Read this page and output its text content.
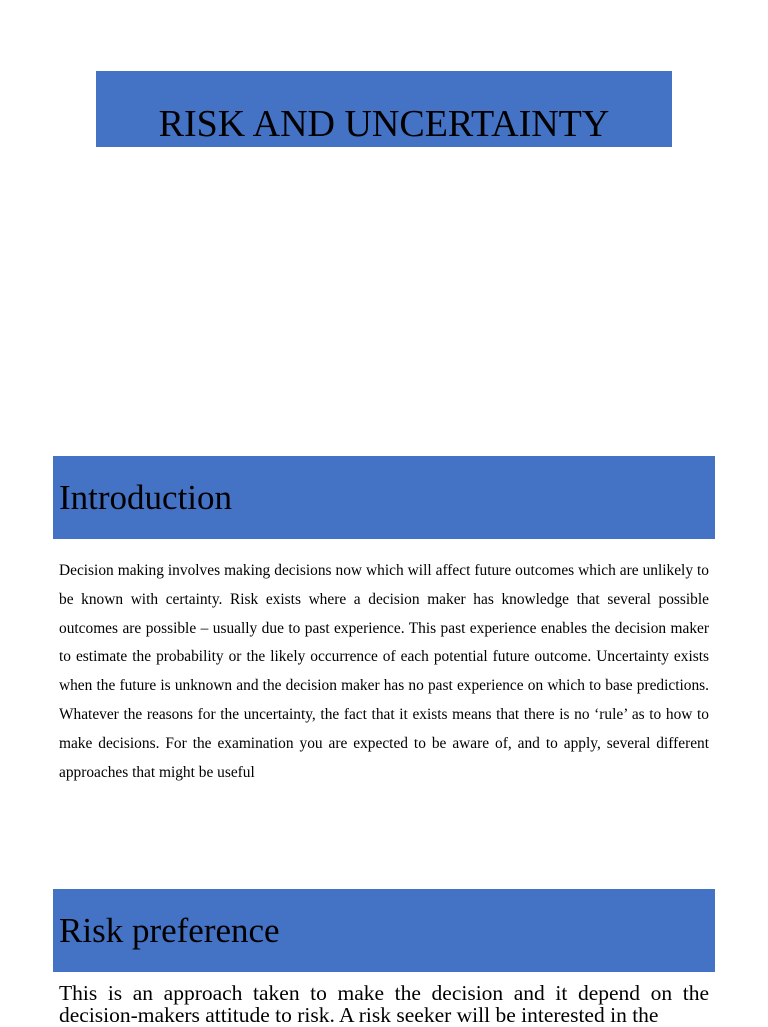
RISK AND UNCERTAINTY
Introduction

Decision making involves making decisions now which will affect future outcomes which are unlikely to be known with certainty. Risk exists where a decision maker has knowledge that several possible outcomes are possible – usually due to past experience. This past experience enables the decision maker to estimate the probability or the likely occurrence of each potential future outcome. Uncertainty exists when the future is unknown and the decision maker has no past experience on which to base predictions. Whatever the reasons for the uncertainty, the fact that it exists means that there is no ‘rule’ as to how to make decisions. For the examination you are expected to be aware of, and to apply, several different approaches that might be useful

Risk preference

This is an approach taken to make the decision and it depend on the decision-makers attitude to risk. A risk seeker will be interested in the
